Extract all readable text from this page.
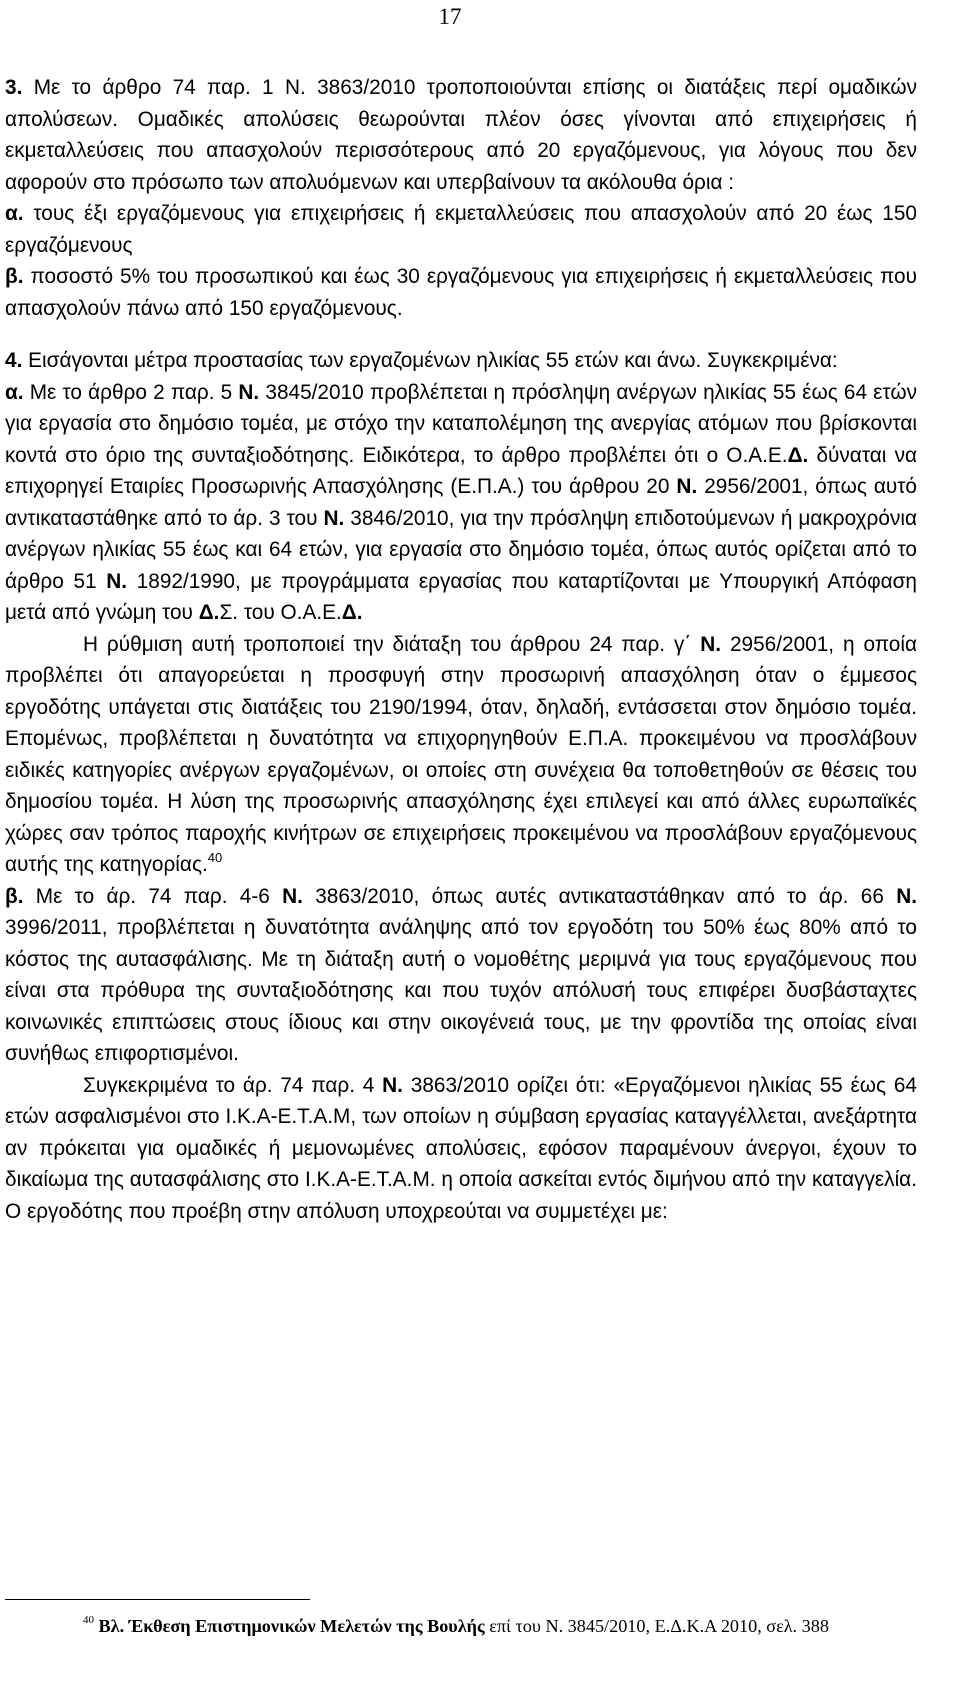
17

3. Με το άρθρο 74 παρ. 1 Ν. 3863/2010 τροποποιούνται επίσης οι διατάξεις περί ομαδικών απολύσεων. Ομαδικές απολύσεις θεωρούνται πλέον όσες γίνονται από επιχειρήσεις ή εκμεταλλεύσεις που απασχολούν περισσότερους από 20 εργαζόμενους, για λόγους που δεν αφορούν στο πρόσωπο των απολυόμενων και υπερβαίνουν τα ακόλουθα όρια :

α. τους έξι εργαζόμενους για επιχειρήσεις ή εκμεταλλεύσεις που απασχολούν από 20 έως 150 εργαζόμενους

β. ποσοστό 5% του προσωπικού και έως 30 εργαζόμενους για επιχειρήσεις ή εκμεταλλεύσεις που απασχολούν πάνω από 150 εργαζόμενους.

4. Εισάγονται μέτρα προστασίας των εργαζομένων ηλικίας 55 ετών και άνω. Συγκεκριμένα:

α. Με το άρθρο 2 παρ. 5 Ν. 3845/2010 προβλέπεται η πρόσληψη ανέργων ηλικίας 55 έως 64 ετών για εργασία στο δημόσιο τομέα, με στόχο την καταπολέμηση της ανεργίας ατόμων που βρίσκονται κοντά στο όριο της συνταξιοδότησης. Ειδικότερα, το άρθρο προβλέπει ότι ο Ο.Α.Ε.Δ. δύναται να επιχορηγεί Εταιρίες Προσωρινής Απασχόλησης (Ε.Π.Α.) του άρθρου 20 Ν. 2956/2001, όπως αυτό αντικαταστάθηκε από το άρ. 3 του Ν. 3846/2010, για την πρόσληψη επιδοτούμενων ή μακροχρόνια ανέργων ηλικίας 55 έως και 64 ετών, για εργασία στο δημόσιο τομέα, όπως αυτός ορίζεται από το άρθρο 51 Ν. 1892/1990, με προγράμματα εργασίας που καταρτίζονται με Υπουργική Απόφαση μετά από γνώμη του Δ.Σ. του Ο.Α.Ε.Δ.

Η ρύθμιση αυτή τροποποιεί την διάταξη του άρθρου 24 παρ. γ΄ Ν. 2956/2001, η οποία προβλέπει ότι απαγορεύεται η προσφυγή στην προσωρινή απασχόληση όταν ο έμμεσος εργοδότης υπάγεται στις διατάξεις του 2190/1994, όταν, δηλαδή, εντάσσεται στον δημόσιο τομέα. Επομένως, προβλέπεται η δυνατότητα να επιχορηγηθούν Ε.Π.Α. προκειμένου να προσλάβουν ειδικές κατηγορίες ανέργων εργαζομένων, οι οποίες στη συνέχεια θα τοποθετηθούν σε θέσεις του δημοσίου τομέα. Η λύση της προσωρινής απασχόλησης έχει επιλεγεί και από άλλες ευρωπαϊκές χώρες σαν τρόπος παροχής κινήτρων σε επιχειρήσεις προκειμένου να προσλάβουν εργαζόμενους αυτής της κατηγορίας.$^{40}$

β. Με το άρ. 74 παρ. 4-6 Ν. 3863/2010, όπως αυτές αντικαταστάθηκαν από το άρ. 66 Ν. 3996/2011, προβλέπεται η δυνατότητα ανάληψης από τον εργοδότη του 50% έως 80% από το κόστος της αυτασφάλισης. Με τη διάταξη αυτή ο νομοθέτης μεριμνά για τους εργαζόμενους που είναι στα πρόθυρα της συνταξιοδότησης και που τυχόν απόλυσή τους επιφέρει δυσβάσταχτες κοινωνικές επιπτώσεις στους ίδιους και στην οικογένειά τους, με την φροντίδα της οποίας είναι συνήθως επιφορτισμένοι.

Συγκεκριμένα το άρ. 74 παρ. 4 Ν. 3863/2010 ορίζει ότι: «Εργαζόμενοι ηλικίας 55 έως 64 ετών ασφαλισμένοι στο Ι.Κ.Α-Ε.Τ.Α.Μ, των οποίων η σύμβαση εργασίας καταγγέλλεται, ανεξάρτητα αν πρόκειται για ομαδικές ή μεμονωμένες απολύσεις, εφόσον παραμένουν άνεργοι, έχουν το δικαίωμα της αυτασφάλισης στο Ι.Κ.Α-Ε.Τ.Α.Μ. η οποία ασκείται εντός διμήνου από την καταγγελία. Ο εργοδότης που προέβη στην απόλυση υποχρεούται να συμμετέχει με:

$^{40}$ Βλ. Έκθεση Επιστημονικών Μελετών της Βουλής επί του Ν. 3845/2010, Ε.Δ.Κ.Α 2010, σελ. 388
